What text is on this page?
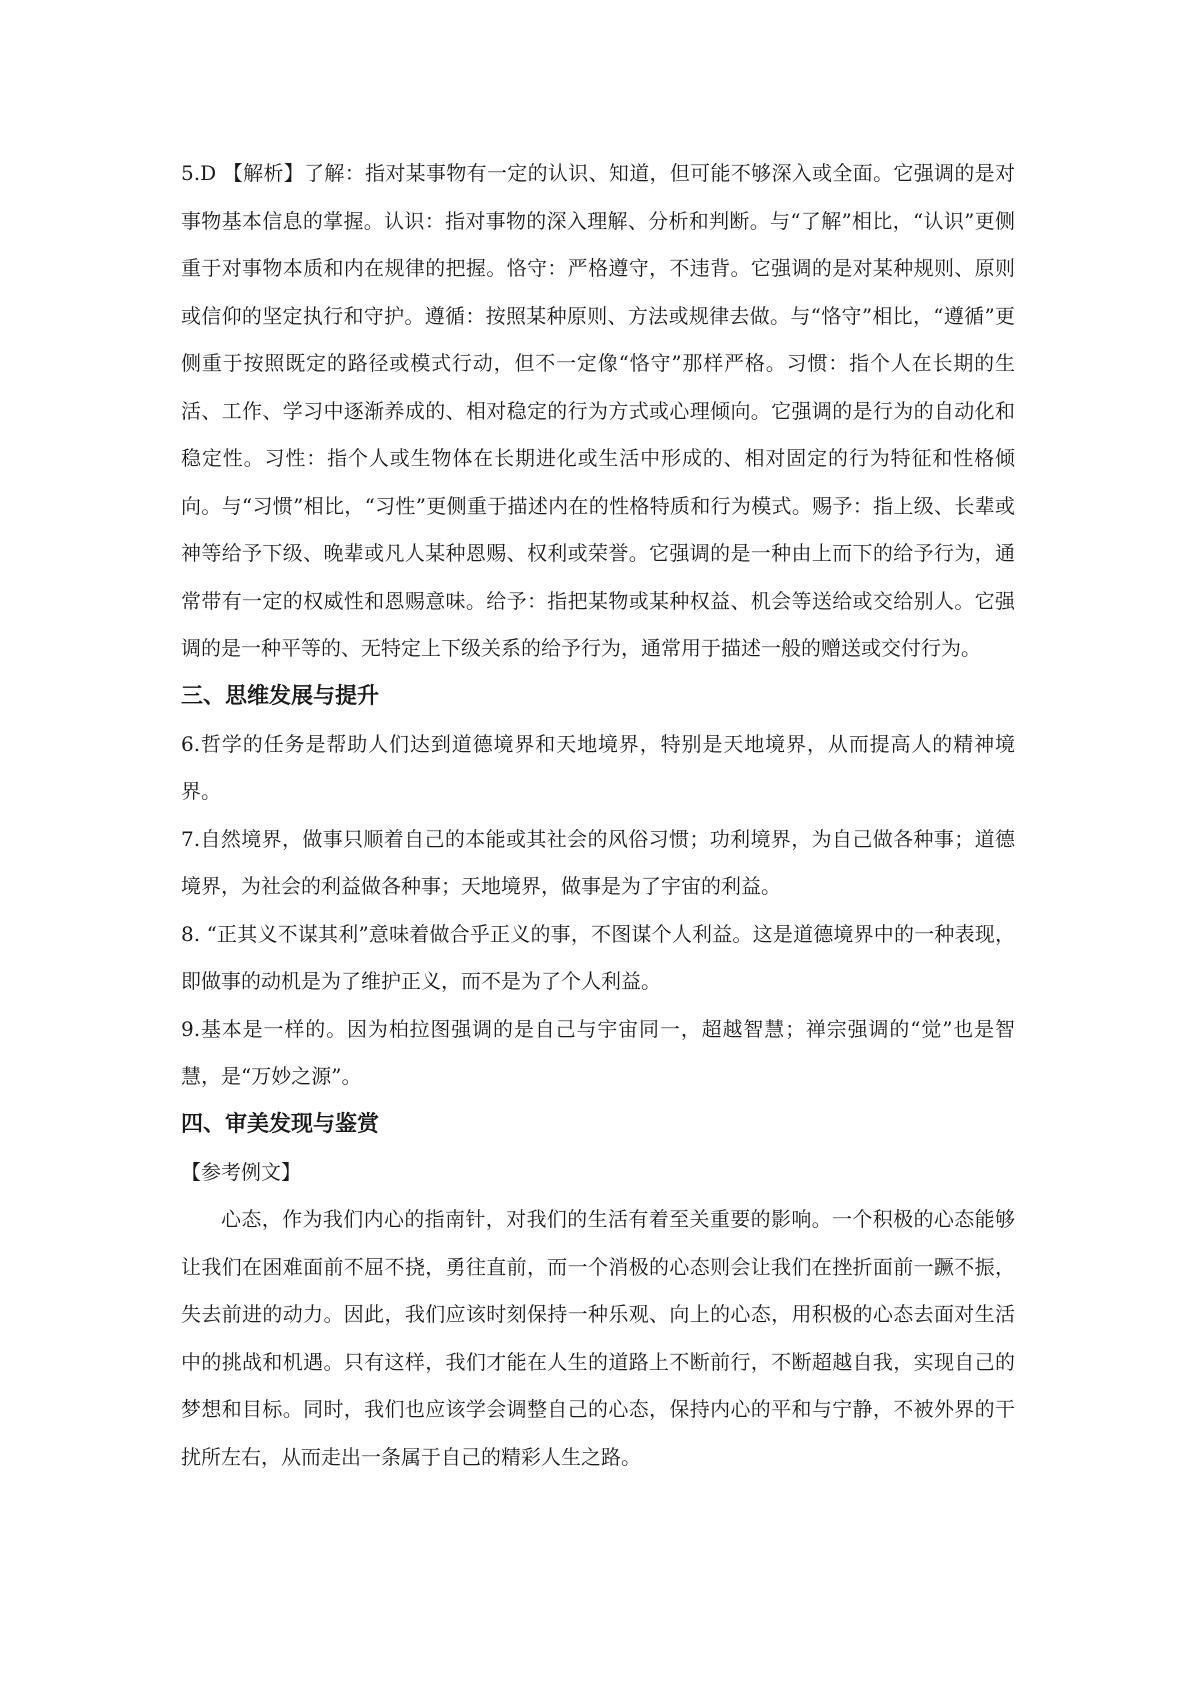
5.D 【解析】了解：指对某事物有一定的认识、知道，但可能不够深入或全面。它强调的是对事物基本信息的掌握。认识：指对事物的深入理解、分析和判断。与“了解”相比，“认识”更侧重于对事物本质和内在规律的把握。恪守：严格遵守，不违背。它强调的是对某种规则、原则或信仰的坚定执行和守护。遵循：按照某种原则、方法或规律去做。与“恪守”相比，“遵循”更侧重于按照既定的路径或模式行动，但不一定像“恪守”那样严格。习惯：指个人在长期的生活、工作、学习中逐渐养成的、相对稳定的行为方式或心理倾向。它强调的是行为的自动化和稳定性。习性：指个人或生物体在长期进化或生活中形成的、相对固定的行为特征和性格倾向。与“习惯”相比，“习性”更侧重于描述内在的性格特质和行为模式。赐予：指上级、长辈或神等给予下级、晚辈或凡人某种恩赐、权利或荣誉。它强调的是一种由上而下的给予行为，通常带有一定的权威性和恩赐意味。给予：指把某物或某种权益、机会等送给或交给别人。它强调的是一种平等的、无特定上下级关系的给予行为，通常用于描述一般的赠送或交付行为。

三、思维发展与提升

6.哲学的任务是帮助人们达到道德境界和天地境界，特别是天地境界，从而提高人的精神境界。

7.自然境界，做事只顺着自己的本能或其社会的风俗习惯；功利境界，为自己做各种事；道德境界，为社会的利益做各种事；天地境界，做事是为了宇宙的利益。

8. “正其义不谋其利”意味着做合乎正义的事，不图谋个人利益。这是道德境界中的一种表现，即做事的动机是为了维护正义，而不是为了个人利益。

9.基本是一样的。因为柏拉图强调的是自己与宇宙同一，超越智慧；禅宗强调的“觉”也是智慧，是“万妙之源”。

四、审美发现与鉴赏

【参考例文】

心态，作为我们内心的指南针，对我们的生活有着至关重要的影响。一个积极的心态能够让我们在困难面前不屈不挠，勇往直前，而一个消极的心态则会让我们在挫折面前一蹶不振，失去前进的动力。因此，我们应该时刻保持一种乐观、向上的心态，用积极的心态去面对生活中的挑战和机遇。只有这样，我们才能在人生的道路上不断前行，不断超越自我，实现自己的梦想和目标。同时，我们也应该学会调整自己的心态，保持内心的平和与宁静，不被外界的干扰所左右，从而走出一条属于自己的精彩人生之路。
